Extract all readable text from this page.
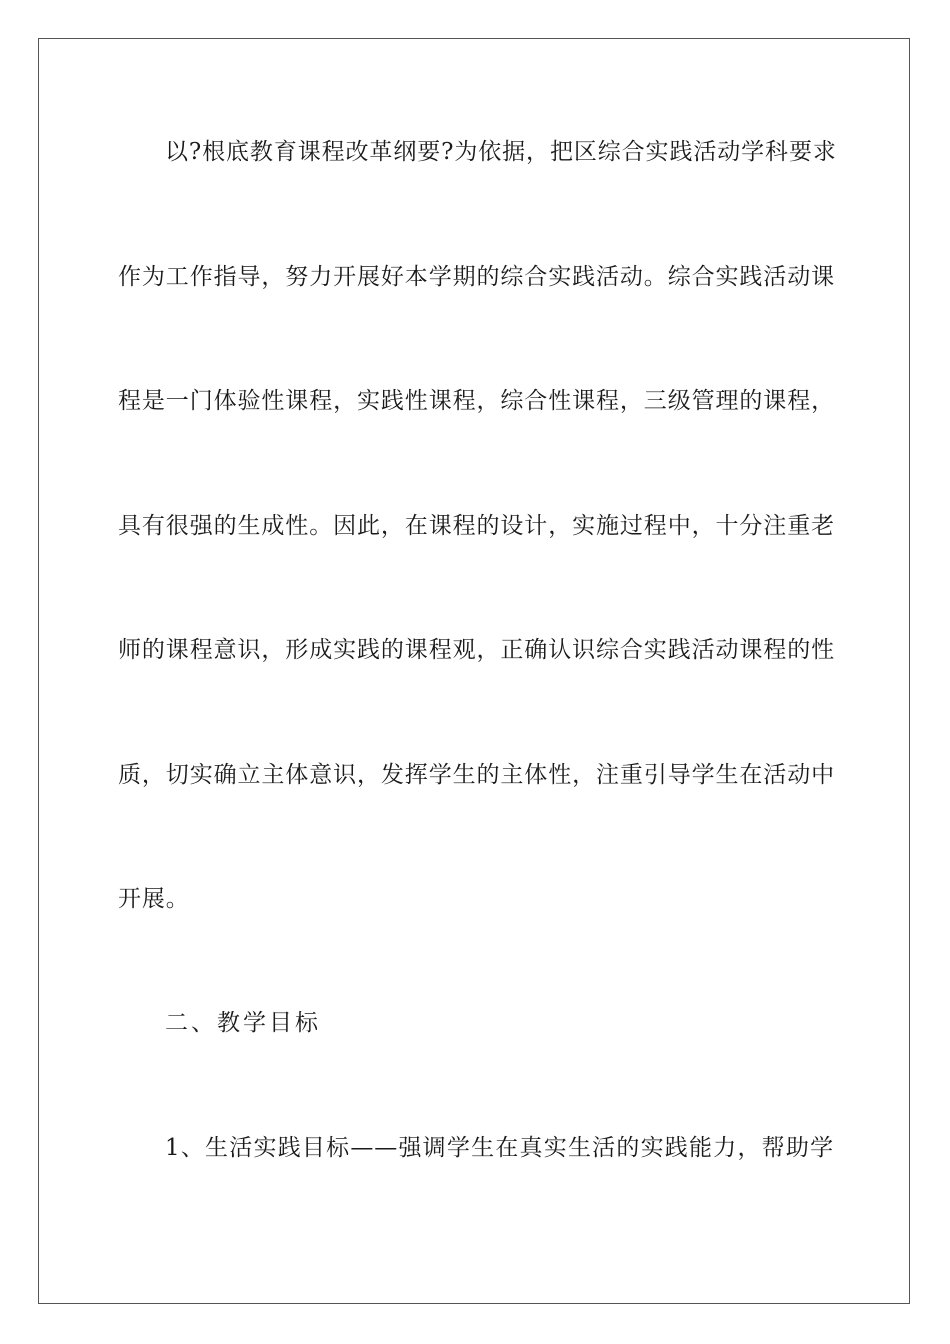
以?根底教育课程改革纲要?为依据，把区综合实践活动学科要求
作为工作指导，努力开展好本学期的综合实践活动。综合实践活动课
程是一门体验性课程，实践性课程，综合性课程，三级管理的课程，
具有很强的生成性。因此，在课程的设计，实施过程中，十分注重老
师的课程意识，形成实践的课程观，正确认识综合实践活动课程的性
质，切实确立主体意识，发挥学生的主体性，注重引导学生在活动中
开展。
二、教学目标
1、生活实践目标——强调学生在真实生活的实践能力，帮助学
